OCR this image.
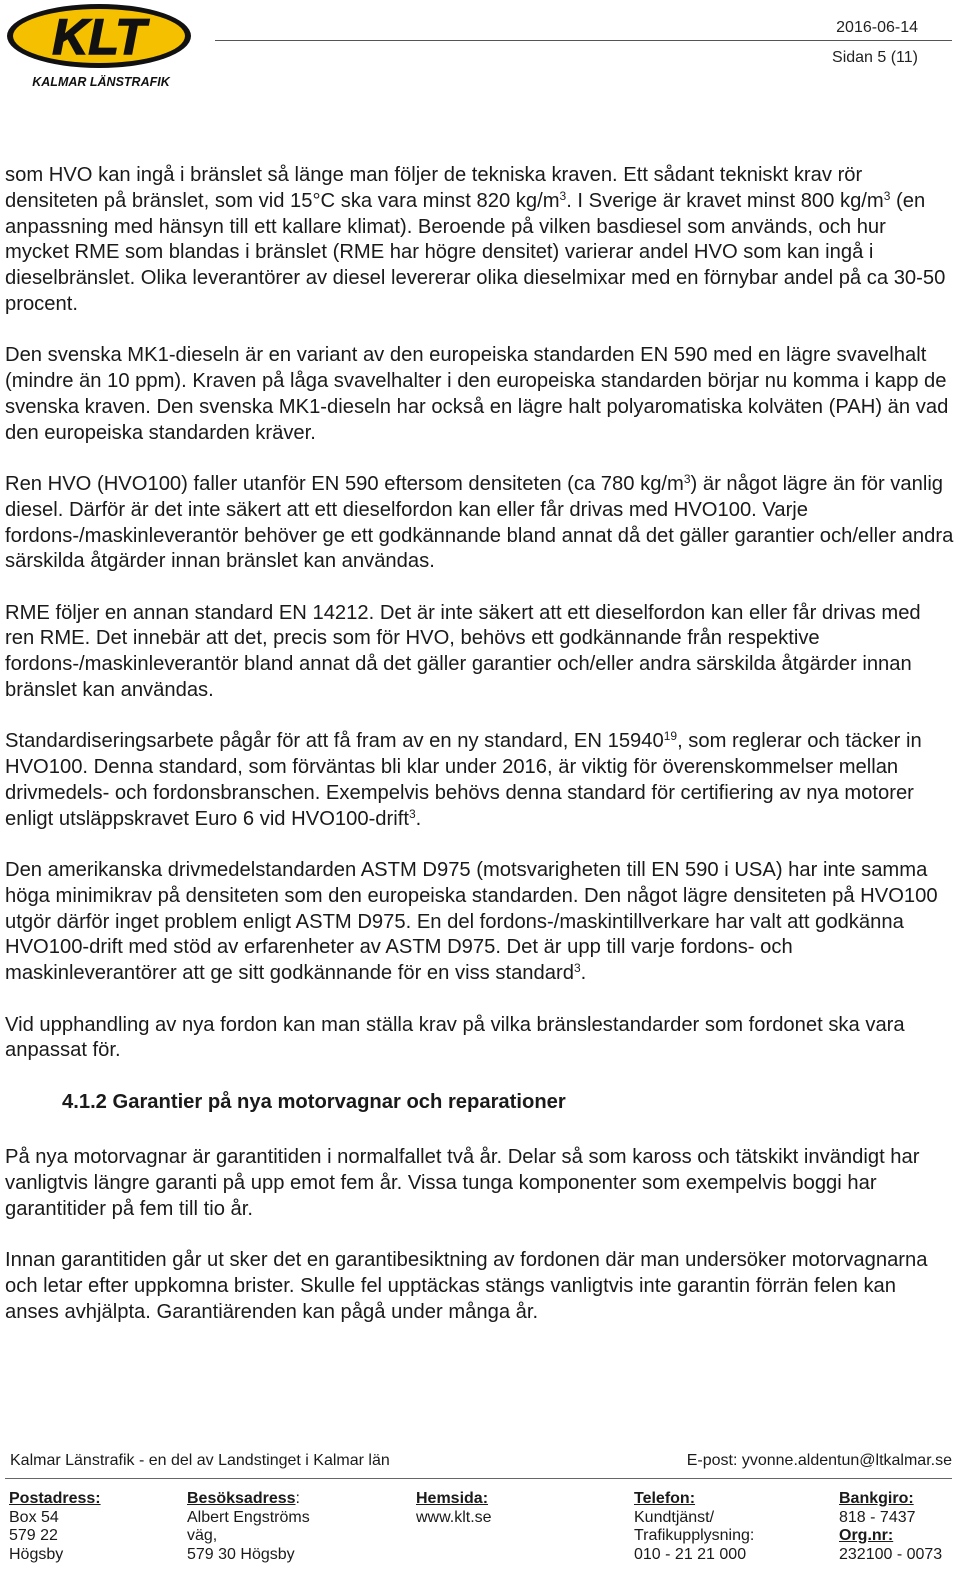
KLT
KALMAR LÄNSTRAFIK
2016-06-14
Sidan 5 (11)

som HVO kan ingå i bränslet så länge man följer de tekniska kraven. Ett sådant tekniskt krav rör densiteten på bränslet, som vid 15°C ska vara minst 820 $kg/m^3$. I Sverige är kravet minst 800 $kg/m^3$ (en anpassning med hänsyn till ett kallare klimat). Beroende på vilken basdiesel som används, och hur mycket RME som blandas i bränslet (RME har högre densitet) varierar andel HVO som kan ingå i dieselbränslet. Olika leverantörer av diesel levererar olika dieselmixar med en förnybar andel på ca 30-50 procent.

Den svenska MK1-dieseln är en variant av den europeiska standarden EN 590 med en lägre svavelhalt (mindre än 10 ppm). Kraven på låga svavelhalter i den europeiska standarden börjar nu komma i kapp de svenska kraven. Den svenska MK1-dieseln har också en lägre halt polyaromatiska kolväten (PAH) än vad den europeiska standarden kräver.

Ren HVO (HVO100) faller utanför EN 590 eftersom densiteten (ca 780 $kg/m^3$) är något lägre än för vanlig diesel. Därför är det inte säkert att ett dieselfordon kan eller får drivas med HVO100. Varje fordons-/maskinleverantör behöver ge ett godkännande bland annat då det gäller garantier och/eller andra särskilda åtgärder innan bränslet kan användas.

RME följer en annan standard EN 14212. Det är inte säkert att ett dieselfordon kan eller får drivas med ren RME. Det innebär att det, precis som för HVO, behövs ett godkännande från respektive fordons-/maskinleverantör bland annat då det gäller garantier och/eller andra särskilda åtgärder innan bränslet kan användas.

Standardiseringsarbete pågår för att få fram av en ny standard, EN 15940$^{19}$, som reglerar och täcker in HVO100. Denna standard, som förväntas bli klar under 2016, är viktig för överenskommelser mellan drivmedels- och fordonsbranschen. Exempelvis behövs denna standard för certifiering av nya motorer enligt utsläppskravet Euro 6 vid HVO100-drift$^3$.

Den amerikanska drivmedelstandarden ASTM D975 (motsvarigheten till EN 590 i USA) har inte samma höga minimikrav på densiteten som den europeiska standarden. Den något lägre densiteten på HVO100 utgör därför inget problem enligt ASTM D975. En del fordons-/maskintillverkare har valt att godkänna HVO100-drift med stöd av erfarenheter av ASTM D975. Det är upp till varje fordons- och maskinleverantörer att ge sitt godkännande för en viss standard$^3$.

Vid upphandling av nya fordon kan man ställa krav på vilka bränslestandarder som fordonet ska vara anpassat för.

4.1.2 Garantier på nya motorvagnar och reparationer

På nya motorvagnar är garantitiden i normalfallet två år. Delar så som kaross och tätskikt invändigt har vanligtvis längre garanti på upp emot fem år. Vissa tunga komponenter som exempelvis boggi har garantitider på fem till tio år.

Innan garantitiden går ut sker det en garantibesiktning av fordonen där man undersöker motorvagnarna och letar efter uppkomna brister. Skulle fel upptäckas stängs vanligtvis inte garantin förrän felen kan anses avhjälpta. Garantiärenden kan pågå under många år.

Kalmar Länstrafik - en del av Landstinget i Kalmar län	E-post: yvonne.aldentun@ltkalmar.se
Postadress:
Box 54
579 22
Högsby
Besöksadress:
Albert Engströms
väg,
579 30 Högsby
Hemsida:
www.klt.se
Telefon:
Kundtjänst/
Trafikupplysning:
010 - 21 21 000
Bankgiro:
818 - 7437
Org.nr:
232100 - 0073
